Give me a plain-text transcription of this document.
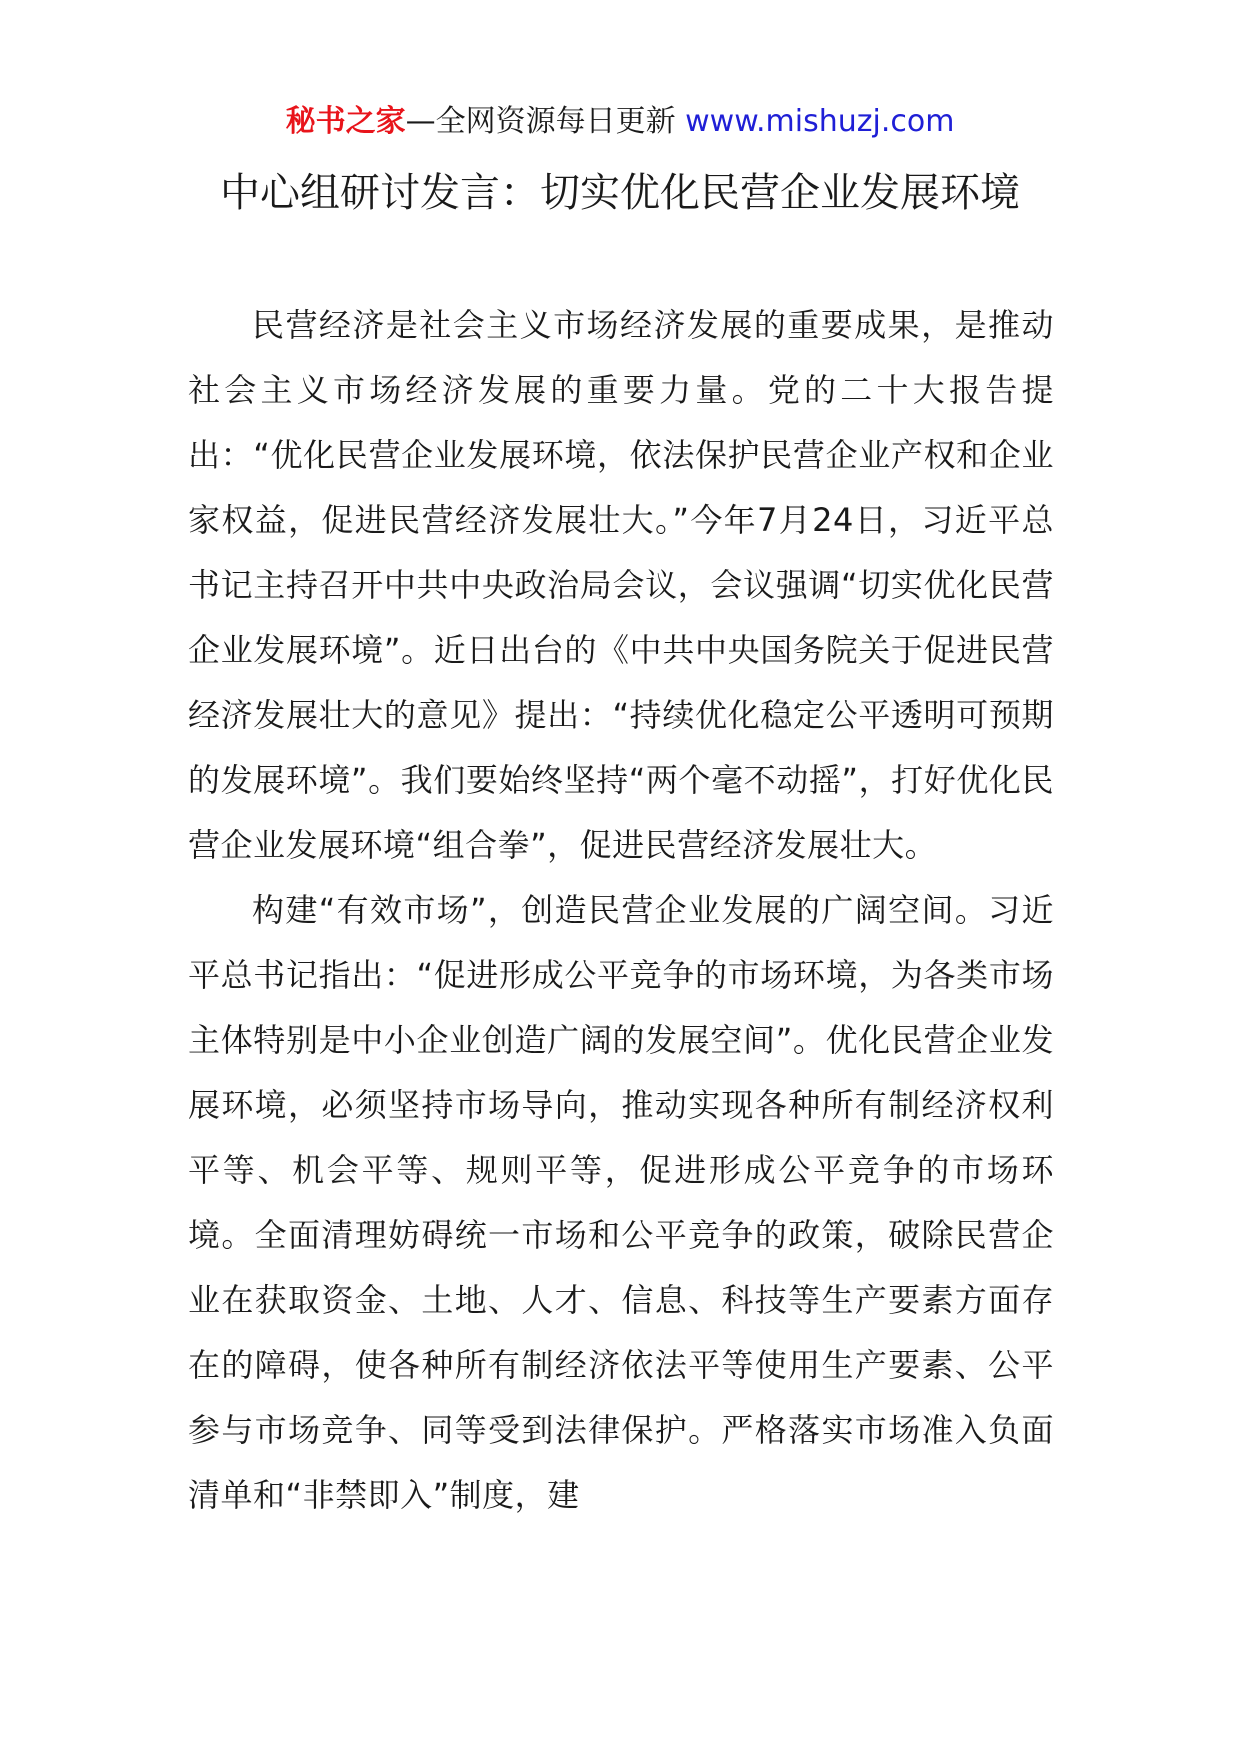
秘书之家—全网资源每日更新 www.mishuzj.com
中心组研讨发言：切实优化民营企业发展环境

民营经济是社会主义市场经济发展的重要成果，是推动社会主义市场经济发展的重要力量。党的二十大报告提出：“优化民营企业发展环境，依法保护民营企业产权和企业家权益，促进民营经济发展壮大。”今年7月24日，习近平总书记主持召开中共中央政治局会议，会议强调“切实优化民营企业发展环境”。近日出台的《中共中央国务院关于促进民营经济发展壮大的意见》提出：“持续优化稳定公平透明可预期的发展环境”。我们要始终坚持“两个毫不动摇”，打好优化民营企业发展环境“组合拳”，促进民营经济发展壮大。

构建“有效市场”，创造民营企业发展的广阔空间。习近平总书记指出：“促进形成公平竞争的市场环境，为各类市场主体特别是中小企业创造广阔的发展空间”。优化民营企业发展环境，必须坚持市场导向，推动实现各种所有制经济权利平等、机会平等、规则平等，促进形成公平竞争的市场环境。全面清理妨碍统一市场和公平竞争的政策，破除民营企业在获取资金、土地、人才、信息、科技等生产要素方面存在的障碍，使各种所有制经济依法平等使用生产要素、公平参与市场竞争、同等受到法律保护。严格落实市场准入负面清单和“非禁即入”制度，建
